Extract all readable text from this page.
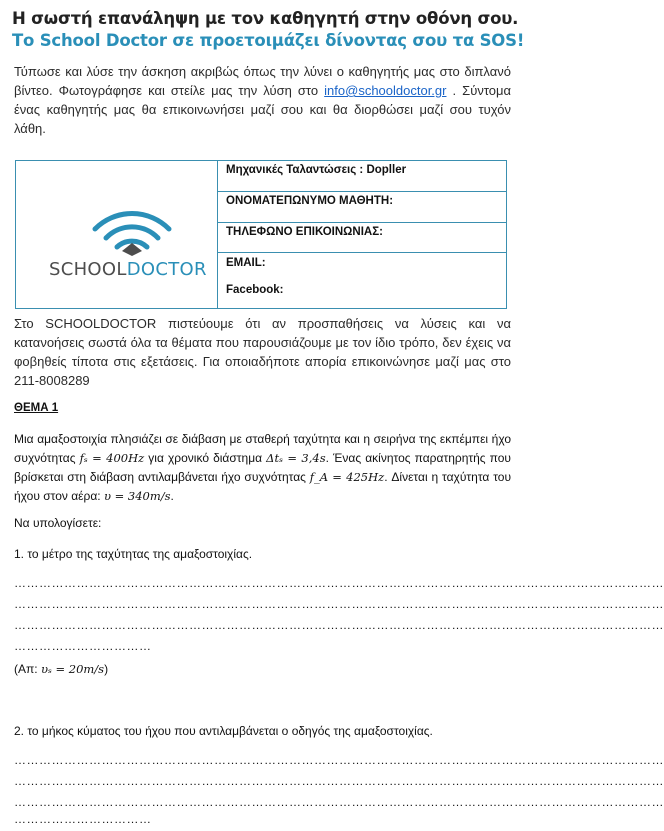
Η σωστή επανάληψη με τον καθηγητή στην οθόνη σου.
Το School Doctor σε προετοιμάζει δίνοντας σου τα SOS!
Τύπωσε και λύσε την άσκηση ακριβώς όπως την λύνει ο καθηγητής μας στο διπλανό βίντεο. Φωτογράφησε και στείλε μας την λύση στο info@schooldoctor.gr . Σύντομα ένας καθηγητής μας θα επικοινωνήσει μαζί σου και θα διορθώσει μαζί σου τυχόν λάθη.
SCHOOLDOCTOR
Μηχανικές Ταλαντώσεις : Dopller
ΟΝΟΜΑΤΕΠΩΝΥΜΟ ΜΑΘΗΤΗ:
ΤΗΛΕΦΩΝΟ ΕΠΙΚΟΙΝΩΝΙΑΣ:
EMAIL:
Facebook:
Στο SCHOOLDOCTOR πιστεύουμε ότι αν προσπαθήσεις να λύσεις και να κατανοήσεις σωστά όλα τα θέματα που παρουσιάζουμε με τον ίδιο τρόπο, δεν έχεις να φοβηθείς τίποτα στις εξετάσεις. Για οποιαδήποτε απορία επικοινώνησε μαζί μας στο 211-8008289
ΘΕΜΑ 1
Μια αμαξοστοιχία πλησιάζει σε διάβαση με σταθερή ταχύτητα και η σειρήνα της εκπέμπει ήχο συχνότητας fₛ = 400Hz για χρονικό διάστημα Δtₛ = 3,4s. Ένας ακίνητος παρατηρητής που βρίσκεται στη διάβαση αντιλαμβάνεται ήχο συχνότητας f_A = 425Hz. Δίνεται η ταχύτητα του ήχου στον αέρα: υ = 340m/s.
Να υπολογίσετε:
1. το μέτρο της ταχύτητας της αμαξοστοιχίας.
…………………………………………………………………………………………………………………………………………
…………………………………………………………………………………………………………………………………………
…………………………………………………………………………………………………………………………………………
……………………………
(Απ: υₛ = 20m/s)
2. το μήκος κύματος του ήχου που αντιλαμβάνεται ο οδηγός της αμαξοστοιχίας.
…………………………………………………………………………………………………………………………………………
…………………………………………………………………………………………………………………………………………
…………………………………………………………………………………………………………………………………………
……………………………
